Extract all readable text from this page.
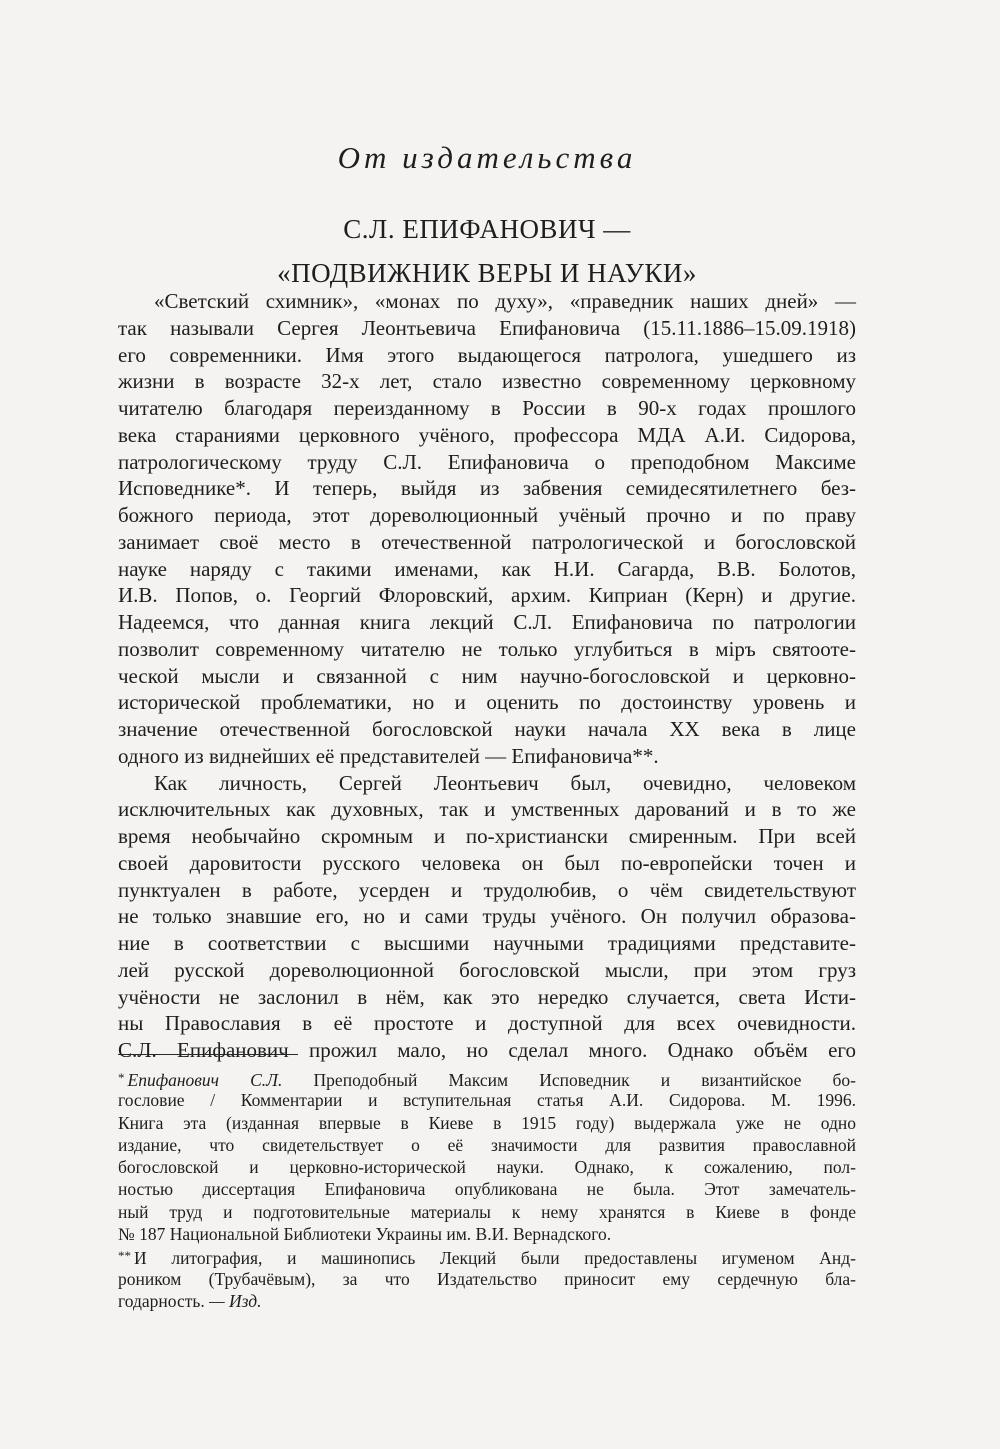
От издательства
С.Л. ЕПИФАНОВИЧ —
«ПОДВИЖНИК ВЕРЫ И НАУКИ»
«Светский схимник», «монах по духу», «праведник наших дней» —
так называли Сергея Леонтьевича Епифановича (15.11.1886–15.09.1918)
его современники. Имя этого выдающегося патролога, ушедшего из
жизни в возрасте 32-х лет, стало известно современному церковному
читателю благодаря переизданному в России в 90-х годах прошлого
века стараниями церковного учёного, профессора МДА А.И. Сидорова,
патрологическому труду С.Л. Епифановича о преподобном Максиме
Исповеднике*. И теперь, выйдя из забвения семидесятилетнего без-
божного периода, этот дореволюционный учёный прочно и по праву
занимает своё место в отечественной патрологической и богословской
науке наряду с такими именами, как Н.И. Сагарда, В.В. Болотов,
И.В. Попов, о. Георгий Флоровский, архим. Киприан (Керн) и другие.
Надеемся, что данная книга лекций С.Л. Епифановича по патрологии
позволит современному читателю не только углубиться в міръ святоотe-
ческой мысли и связанной с ним научно-богословской и церковно-
исторической проблематики, но и оценить по достоинству уровень и
значение отечественной богословской науки начала XX века в лице
одного из виднейших её представителей — Епифановича**.
Как личность, Сергей Леонтьевич был, очевидно, человеком
исключительных как духовных, так и умственных дарований и в то же
время необычайно скромным и по-христиански смиренным. При всей
своей даровитости русского человека он был по-европейски точен и
пунктуален в работе, усерден и трудолюбив, о чём свидетельствуют
не только знавшие его, но и сами труды учёного. Он получил образова-
ние в соответствии с высшими научными традициями представите-
лей русской дореволюционной богословской мысли, при этом груз
учёности не заслонил в нём, как это нередко случается, света Исти-
ны Православия в её простоте и доступной для всех очевидности.
С.Л. Епифанович прожил мало, но сделал много. Однако объём его
* Епифанович С.Л. Преподобный Максим Исповедник и византийское бо-
гословие / Комментарии и вступительная статья А.И. Сидорова. М. 1996.
Книга эта (изданная впервые в Киеве в 1915 году) выдержала уже не одно
издание, что свидетельствует о её значимости для развития православной
богословской и церковно-исторической науки. Однако, к сожалению, пол-
ностью диссертация Епифановича опубликована не была. Этот замечатель-
ный труд и подготовительные материалы к нему хранятся в Киеве в фонде
№ 187 Национальной Библиотеки Украины им. В.И. Вернадского.
** И литография, и машинопись Лекций были предоставлены игуменом Анд-
роником (Трубачёвым), за что Издательство приносит ему сердечную бла-
годарность. — Изд.
